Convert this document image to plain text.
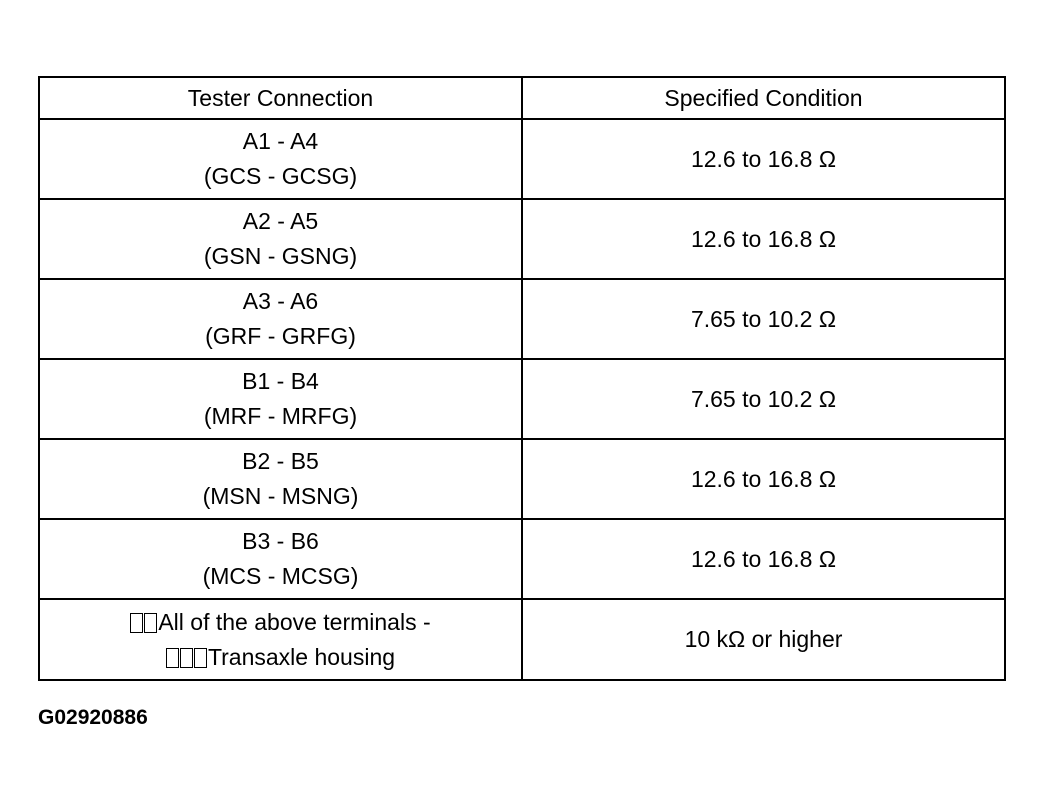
Tester Connection	Specified Condition

A1 - A4
(GCS - GCSG)	12.6 to 16.8 Ω

A2 - A5
(GSN - GSNG)	12.6 to 16.8 Ω

A3 - A6
(GRF - GRFG)	7.65 to 10.2 Ω

B1 - B4
(MRF - MRFG)	7.65 to 10.2 Ω

B2 - B5
(MSN - MSNG)	12.6 to 16.8 Ω

B3 - B6
(MCS - MCSG)	12.6 to 16.8 Ω

All of the above terminals -
Transaxle housing	10 kΩ or higher
G02920886
